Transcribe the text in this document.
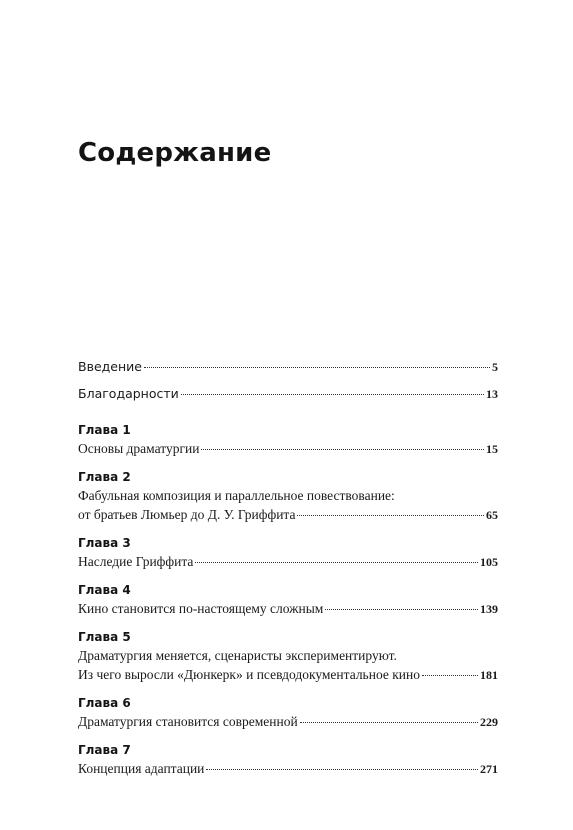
Содержание
Введение	5
Благодарности	13
Глава 1
Основы драматургии	15
Глава 2
Фабульная композиция и параллельное повествование:
от братьев Люмьер до Д. У. Гриффита	65
Глава 3
Наследие Гриффита	105
Глава 4
Кино становится по-настоящему сложным	139
Глава 5
Драматургия меняется, сценаристы экспериментируют.
Из чего выросли «Дюнкерк» и псевдодокументальное кино	181
Глава 6
Драматургия становится современной	229
Глава 7
Концепция адаптации	271
